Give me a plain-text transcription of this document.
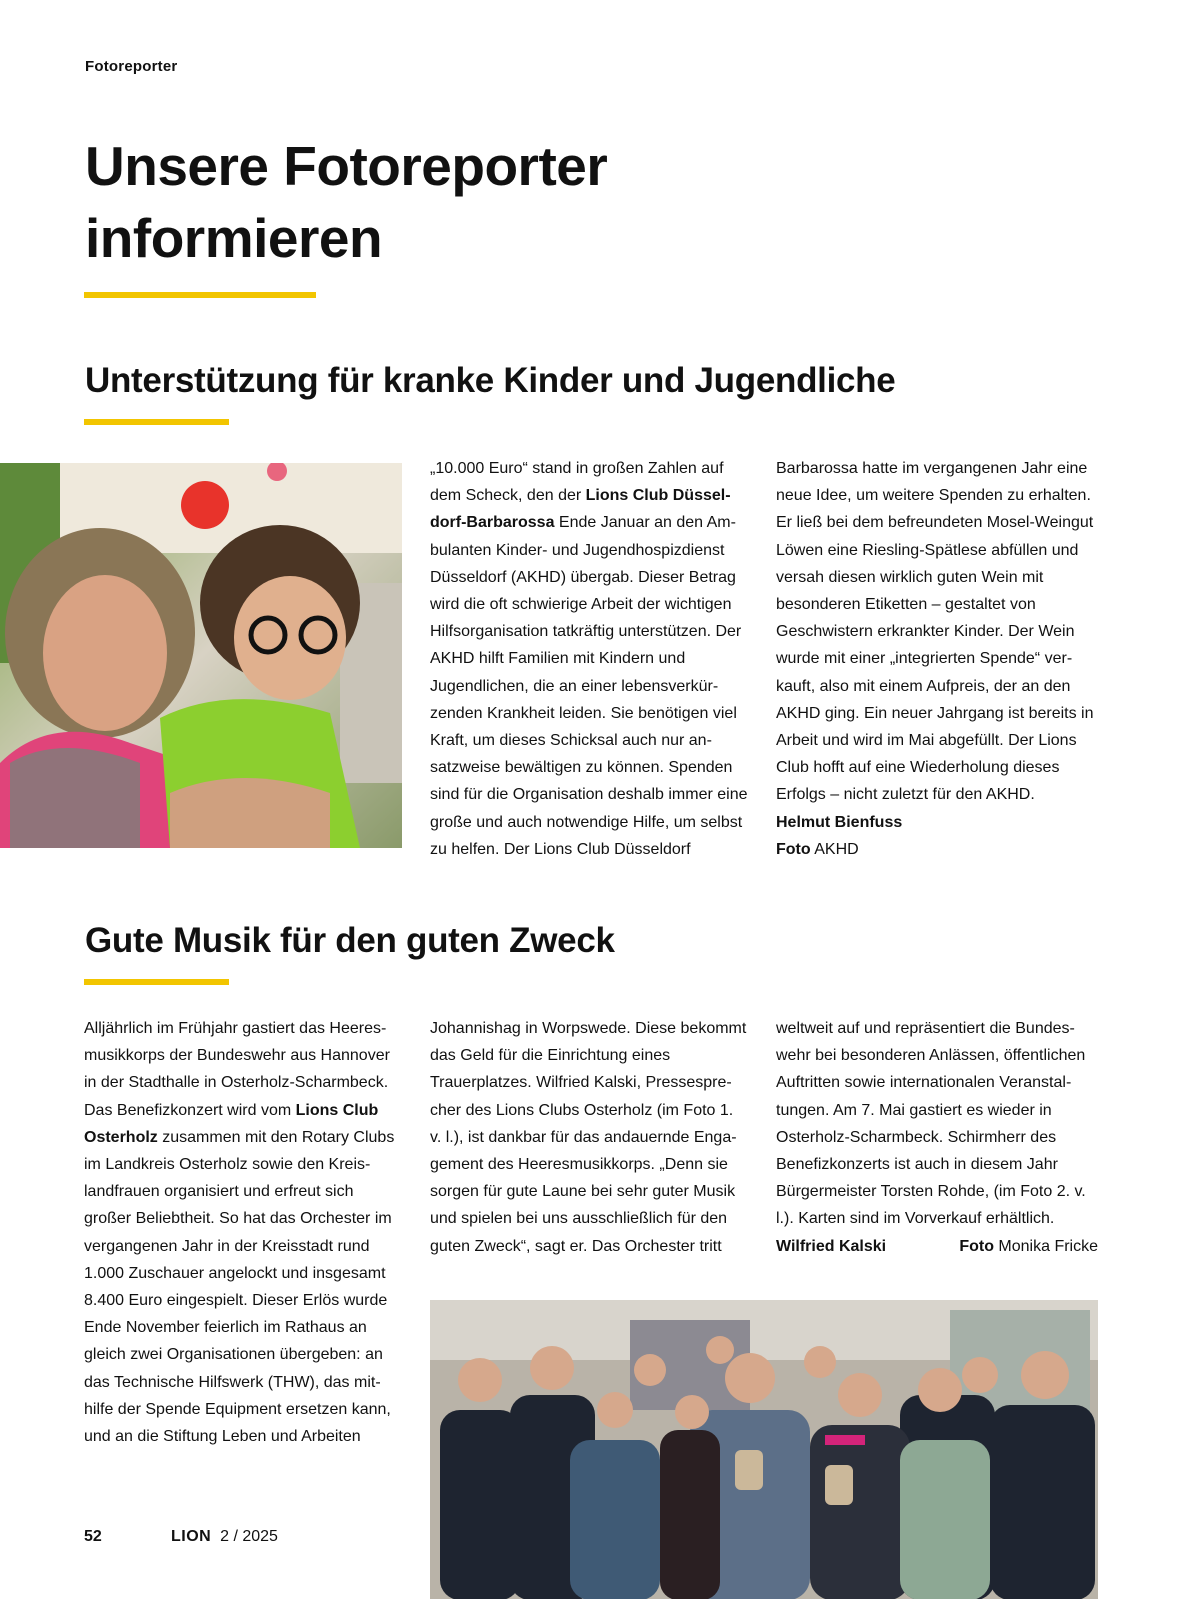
Fotoreporter
Unsere Fotoreporter
informieren
Unterstützung für kranke Kinder und Jugendliche

„10.000 Euro“ stand in großen Zahlen auf dem Scheck, den der Lions Club Düsseldorf-Barbarossa Ende Januar an den Ambulanten Kinder- und Jugendhospizdienst Düsseldorf (AKHD) übergab. Dieser Betrag wird die oft schwierige Arbeit der wichtigen Hilfsorganisation tatkräftig unterstützen. Der AKHD hilft Familien mit Kindern und Jugendlichen, die an einer lebensverkürzenden Krankheit leiden. Sie benötigen viel Kraft, um dieses Schicksal auch nur ansatzweise bewältigen zu können. Spenden sind für die Organisation deshalb immer eine große und auch notwendige Hilfe, um selbst zu helfen. Der Lions Club Düsseldorf

Barbarossa hatte im vergangenen Jahr eine neue Idee, um weitere Spenden zu erhalten. Er ließ bei dem befreundeten Mosel-Weingut Löwen eine Riesling-Spätlese abfüllen und versah diesen wirklich guten Wein mit besonderen Etiketten – gestaltet von Geschwistern erkrankter Kinder. Der Wein wurde mit einer „integrierten Spende“ verkauft, also mit einem Aufpreis, der an den AKHD ging. Ein neuer Jahrgang ist bereits in Arbeit und wird im Mai abgefüllt. Der Lions Club hofft auf eine Wiederholung dieses Erfolgs – nicht zuletzt für den AKHD.

Helmut Bienfuss

Foto AKHD

Gute Musik für den guten Zweck

Alljährlich im Frühjahr gastiert das Heeresmusikkorps der Bundeswehr aus Hannover in der Stadthalle in Osterholz-Scharmbeck. Das Benefizkonzert wird vom Lions Club Osterholz zusammen mit den Rotary Clubs im Landkreis Osterholz sowie den Kreislandfrauen organisiert und erfreut sich großer Beliebtheit. So hat das Orchester im vergangenen Jahr in der Kreisstadt rund 1.000 Zuschauer angelockt und insgesamt 8.400 Euro eingespielt. Dieser Erlös wurde Ende November feierlich im Rathaus an gleich zwei Organisationen übergeben: an das Technische Hilfswerk (THW), das mithilfe der Spende Equipment ersetzen kann, und an die Stiftung Leben und Arbeiten

Johannishag in Worpswede. Diese bekommt das Geld für die Einrichtung eines Trauerplatzes. Wilfried Kalski, Pressesprecher des Lions Clubs Osterholz (im Foto 1. v. l.), ist dankbar für das andauernde Engagement des Heeresmusikkorps. „Denn sie sorgen für gute Laune bei sehr guter Musik und spielen bei uns ausschließlich für den guten Zweck“, sagt er. Das Orchester tritt

weltweit auf und repräsentiert die Bundeswehr bei besonderen Anlässen, öffentlichen Auftritten sowie internationalen Veranstaltungen. Am 7. Mai gastiert es wieder in Osterholz-Scharmbeck. Schirmherr des Benefizkonzerts ist auch in diesem Jahr Bürgermeister Torsten Rohde, (im Foto 2. v. l.). Karten sind im Vorverkauf erhältlich.

Wilfried Kalski	Foto Monika Fricke

52	LION 2 / 2025
